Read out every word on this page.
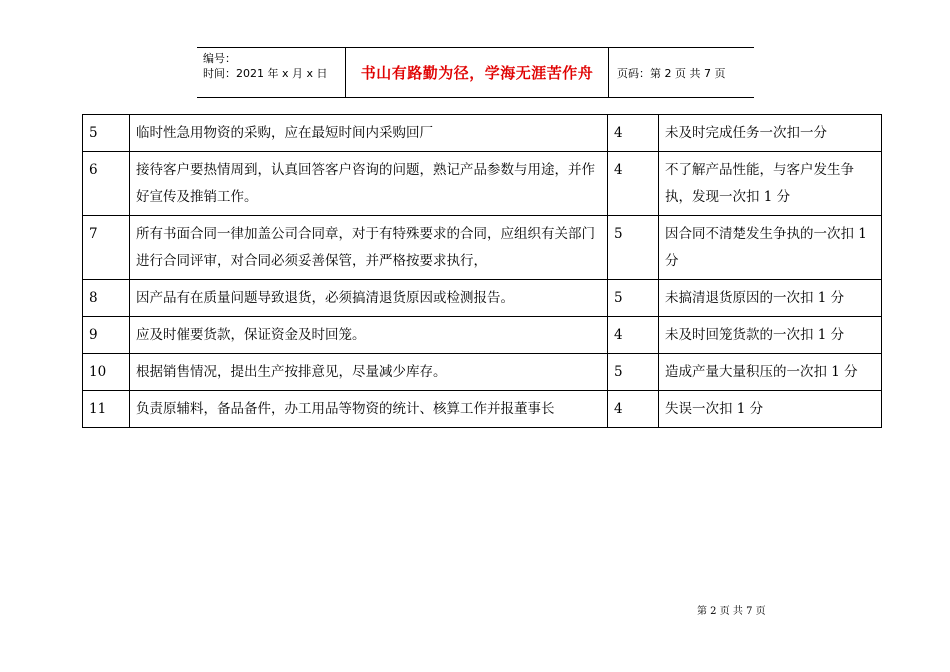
编号：
时间：2021 年 x 月 x 日	书山有路勤为径，学海无涯苦作舟	页码：第 2 页 共 7 页
5	临时性急用物资的采购，应在最短时间内采购回厂	4	未及时完成任务一次扣一分
6	接待客户要热情周到，认真回答客户咨询的问题，熟记产品参数与用途，并作好宣传及推销工作。	4	不了解产品性能，与客户发生争执，发现一次扣 1 分
7	所有书面合同一律加盖公司合同章，对于有特殊要求的合同，应组织有关部门进行合同评审，对合同必须妥善保管，并严格按要求执行，	5	因合同不清楚发生争执的一次扣 1 分
8	因产品有在质量问题导致退货，必须搞清退货原因或检测报告。	5	未搞清退货原因的一次扣 1 分
9	应及时催要货款，保证资金及时回笼。	4	未及时回笼货款的一次扣 1 分
10	根据销售情况，提出生产按排意见，尽量减少库存。	5	造成产量大量积压的一次扣 1 分
11	负责原辅料，备品备件，办工用品等物资的统计、核算工作并报董事长	4	失误一次扣 1 分
第 2 页 共 7 页
